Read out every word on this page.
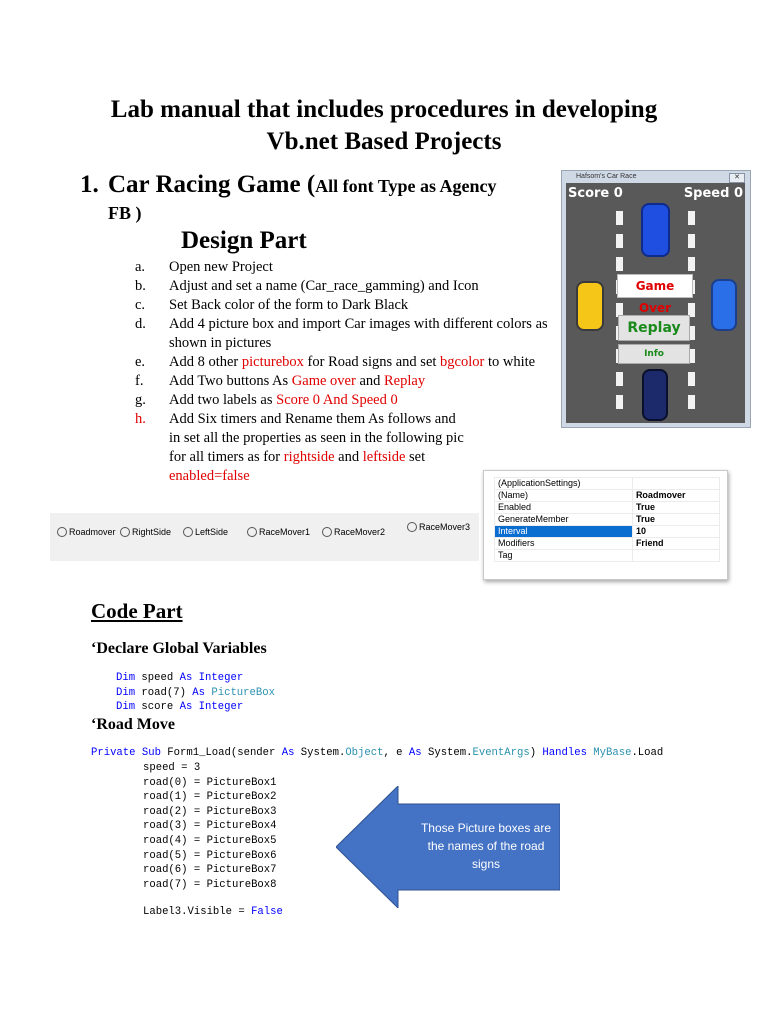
Lab manual that includes procedures in developing
Vb.net Based Projects
1. Car Racing Game (All font Type as Agency
FB )
Design Part
a. Open new Project
b. Adjust and set a name (Car_race_gamming) and Icon
c. Set Back color of the form to Dark Black
d. Add 4 picture box and import Car images with different colors as shown in pictures
e. Add 8 other picturebox for Road signs and set bgcolor to white
f. Add Two buttons As Game over and Replay
g. Add two labels as Score 0 And Speed 0
h. Add Six timers and Rename them As follows and in set all the properties as seen in the following pic for all timers as for rightside and leftside set enabled=false
Hafsom's Car Race	✕
Score 0	Speed 0
Game Over
Replay
Info
Roadmover RightSide	LeftSide	RaceMover1	RaceMover2	RaceMover3
(ApplicationSettings)	
(Name)	Roadmover
Enabled	True
GenerateMember	True
Interval	10
Modifiers	Friend
Tag	
Code Part
‘Declare Global Variables
Dim speed As Integer
Dim road(7) As PictureBox
Dim score As Integer
‘Road Move
Private Sub Form1_Load(sender As System.Object, e As System.EventArgs) Handles MyBase.Load
speed = 3
road(0) = PictureBox1
road(1) = PictureBox2
road(2) = PictureBox3
road(3) = PictureBox4
road(4) = PictureBox5
road(5) = PictureBox6
road(6) = PictureBox7
road(7) = PictureBox8
Label3.Visible = False
Those Picture boxes are the names of the road signs
